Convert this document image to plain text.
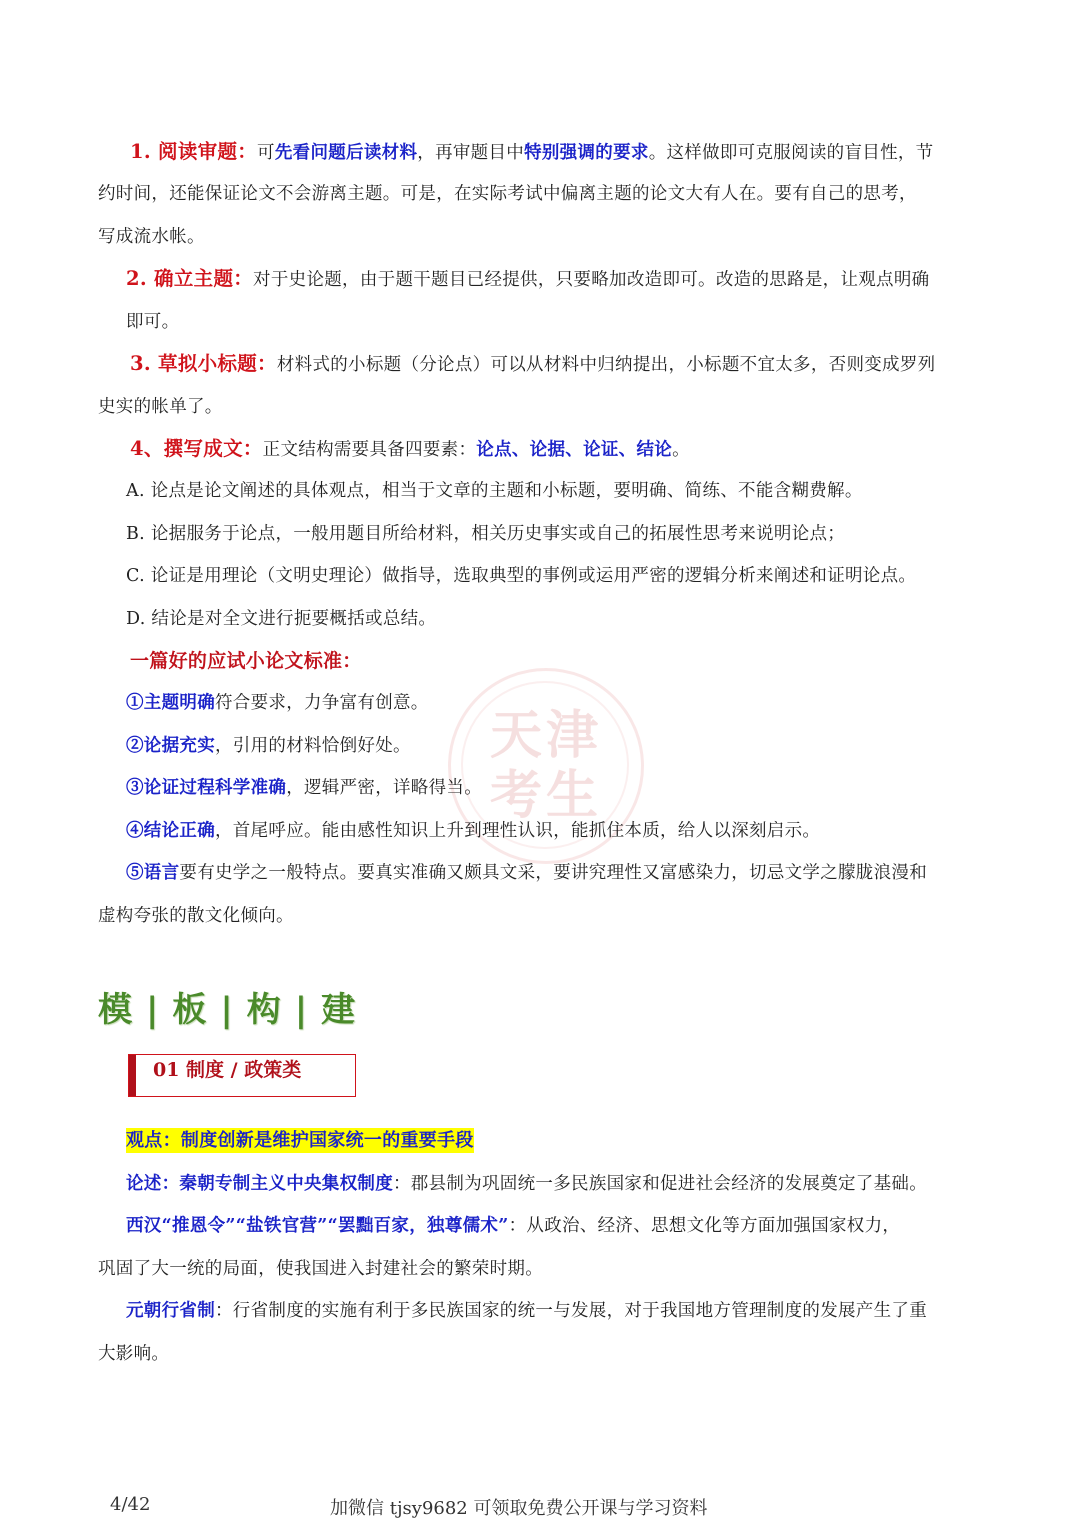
天津
考生
1. 阅读审题：可先看问题后读材料，再审题目中特别强调的要求。这样做即可克服阅读的盲目性，节
约时间，还能保证论文不会游离主题。可是，在实际考试中偏离主题的论文大有人在。要有自己的思考，
写成流水帐。
2. 确立主题：对于史论题，由于题干题目已经提供，只要略加改造即可。改造的思路是，让观点明确
即可。
3. 草拟小标题：材料式的小标题（分论点）可以从材料中归纳提出，小标题不宜太多，否则变成罗列
史实的帐单了。
4、撰写成文：正文结构需要具备四要素：论点、论据、论证、结论。
A. 论点是论文阐述的具体观点，相当于文章的主题和小标题，要明确、简练、不能含糊费解。
B. 论据服务于论点，一般用题目所给材料，相关历史事实或自己的拓展性思考来说明论点；
C. 论证是用理论（文明史理论）做指导，选取典型的事例或运用严密的逻辑分析来阐述和证明论点。
D. 结论是对全文进行扼要概括或总结。
一篇好的应试小论文标准：
①主题明确符合要求，力争富有创意。
②论据充实，引用的材料恰倒好处。
③论证过程科学准确，逻辑严密，详略得当。
④结论正确，首尾呼应。能由感性知识上升到理性认识，能抓住本质，给人以深刻启示。
⑤语言要有史学之一般特点。要真实准确又颇具文采，要讲究理性又富感染力，切忌文学之朦胧浪漫和
虚构夸张的散文化倾向。
模 | 板 | 构 | 建
01 制度 / 政策类
观点：制度创新是维护国家统一的重要手段
论述：秦朝专制主义中央集权制度：郡县制为巩固统一多民族国家和促进社会经济的发展奠定了基础。
西汉“推恩令”“盐铁官营”“罢黜百家，独尊儒术”：从政治、经济、思想文化等方面加强国家权力，
巩固了大一统的局面，使我国进入封建社会的繁荣时期。
元朝行省制：行省制度的实施有利于多民族国家的统一与发展，对于我国地方管理制度的发展产生了重
大影响。
4/42	加微信 tjsy9682 可领取免费公开课与学习资料
